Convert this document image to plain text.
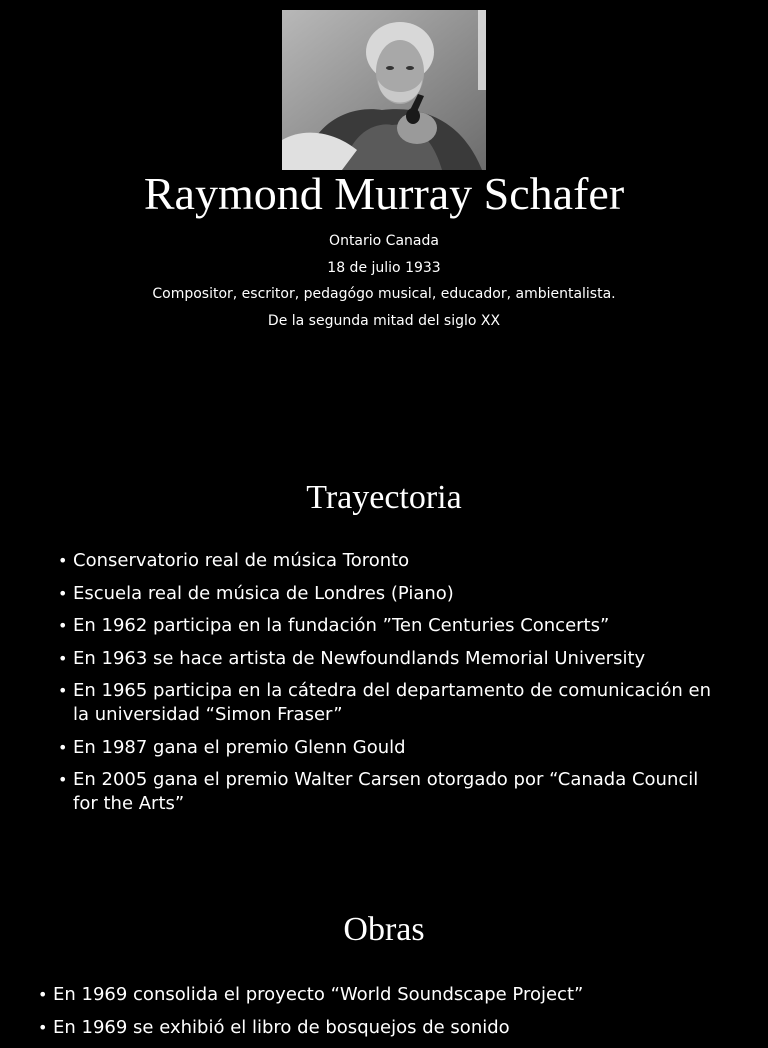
Raymond Murray Schafer
Ontario Canada
18 de julio 1933
Compositor, escritor, pedagógo musical, educador, ambientalista.
De la segunda mitad del siglo XX
Trayectoria
• Conservatorio real de música Toronto
• Escuela real de música de Londres (Piano)
• En 1962 participa en la fundación ”Ten Centuries Concerts”
• En 1963 se hace artista de Newfoundlands Memorial University
• En 1965 participa en la cátedra del departamento de comunicación en la universidad “Simon Fraser”
• En 1987 gana el premio Glenn Gould
• En 2005 gana el premio Walter Carsen otorgado por “Canada Council for the Arts”
Obras
• En 1969 consolida el proyecto “World Soundscape Project”
• En 1969 se exhibió el libro de bosquejos de sonido
